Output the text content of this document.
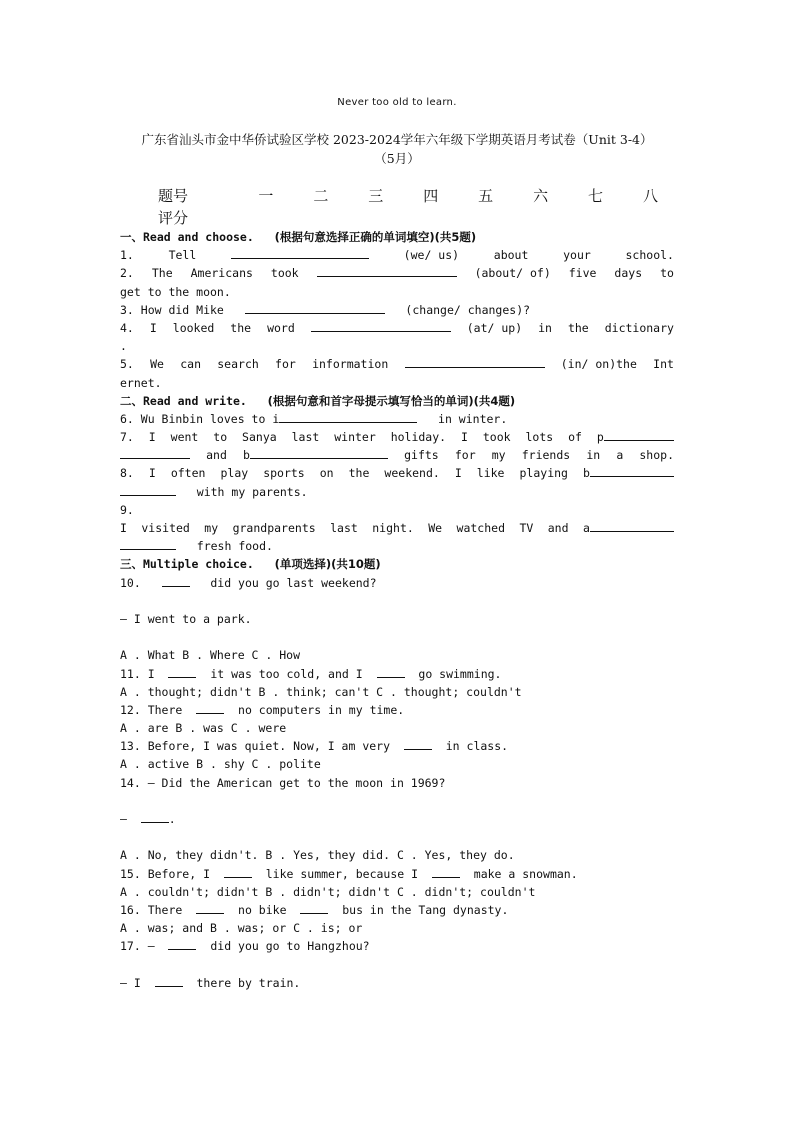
Never too old to learn.
广东省汕头市金中华侨试验区学校 2023-2024学年六年级下学期英语月考试卷（Unit 3-4）
（5月）
题号	一	二	三	四	五	六	七	八
评分
一、Read and choose. (根据句意选择正确的单词填空)(共5题)
1.	Tell	(we/ us)	about	your	school.
2. The Americans took	(about/ of) five days to
get to the moon.
3. How did Mike	(change/ changes)?
4. I looked the word	(at/ up) in the dictionary
.
5. We can search for information	(in/ on)the Int
ernet.
二、Read and write. (根据句意和首字母提示填写恰当的单词)(共4题)
6. Wu Binbin loves to i	in winter.
7. I went to Sanya last winter holiday. I took lots of p
and b	gifts for my friends in a shop.
8. I often play sports on the weekend. I like playing b
with my parents.
9.
I visited my grandparents last night. We watched TV and a
fresh food.
三、Multiple choice. (单项选择)(共10题)
10.	did you go last weekend?
— I went to a park.
A . What B . Where C . How
11. I	it was too cold, and I	go swimming.
A . thought; didn't B . think; can't C . thought; couldn't
12. There	no computers in my time.
A . are B . was C . were
13. Before, I was quiet. Now, I am very	in class.
A . active B . shy C . polite
14. — Did the American get to the moon in 1969?
—	.
A . No, they didn't. B . Yes, they did. C . Yes, they do.
15. Before, I	like summer, because I	make a snowman.
A . couldn't; didn't B . didn't; didn't C . didn't; couldn't
16. There	no bike	bus in the Tang dynasty.
A . was; and B . was; or C . is; or
17. —	did you go to Hangzhou?
— I	there by train.
